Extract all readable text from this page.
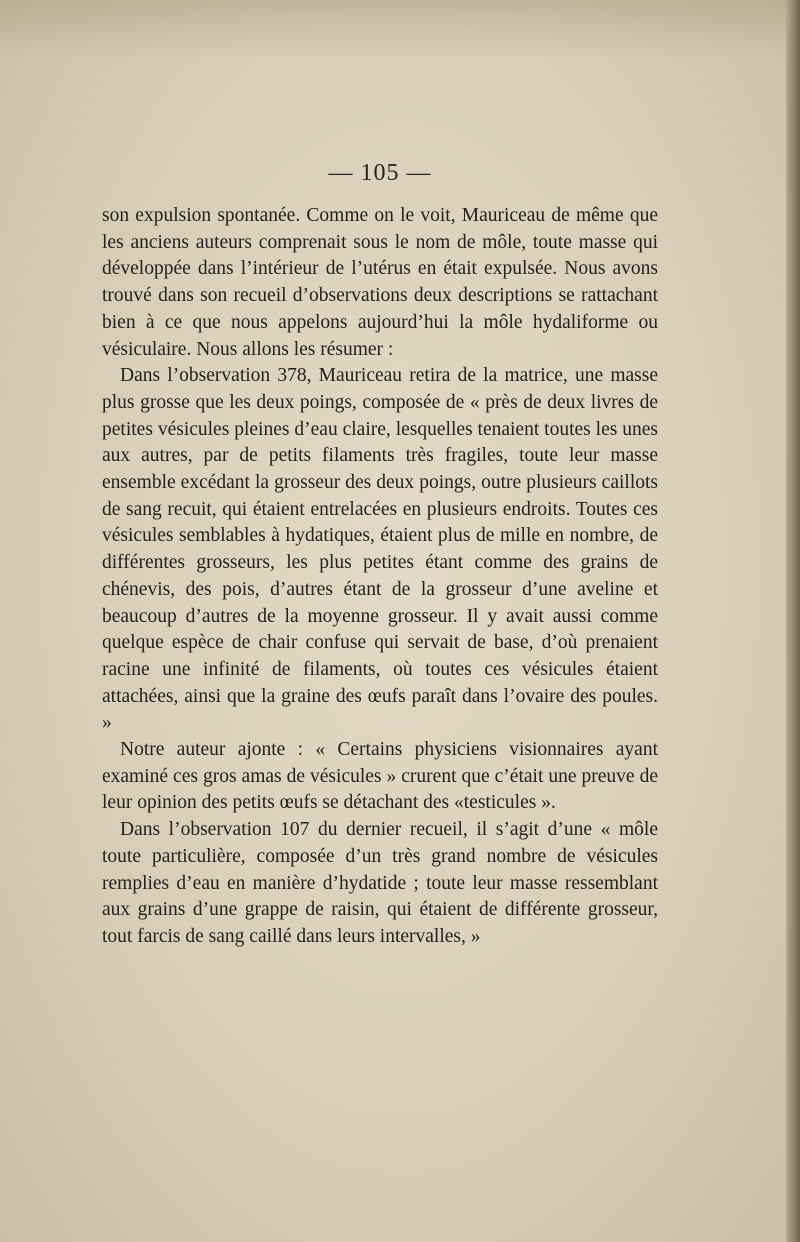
— 105 —

son expulsion spontanée. Comme on le voit, Mauriceau de même que les anciens auteurs comprenait sous le nom de môle, toute masse qui développée dans l’intérieur de l’utérus en était expulsée. Nous avons trouvé dans son recueil d’observations deux descriptions se rattachant bien à ce que nous appelons aujourd’hui la môle hydaliforme ou vésiculaire. Nous allons les résumer :

Dans l’observation 378, Mauriceau retira de la matrice, une masse plus grosse que les deux poings, composée de « près de deux livres de petites vésicules pleines d’eau claire, lesquelles tenaient toutes les unes aux autres, par de petits filaments très fragiles, toute leur masse ensemble excédant la grosseur des deux poings, outre plusieurs caillots de sang recuit, qui étaient entrelacées en plusieurs endroits. Toutes ces vésicules semblables à hydatiques, étaient plus de mille en nombre, de différentes grosseurs, les plus petites étant comme des grains de chénevis, des pois, d’autres étant de la grosseur d’une aveline et beaucoup d’autres de la moyenne grosseur. Il y avait aussi comme quelque espèce de chair confuse qui servait de base, d’où prenaient racine une infinité de filaments, où toutes ces vésicules étaient attachées, ainsi que la graine des œufs paraît dans l’ovaire des poules. »

Notre auteur ajonte : « Certains physiciens visionnaires ayant examiné ces gros amas de vésicules » crurent que c’était une preuve de leur opinion des petits œufs se détachant des «testicules ».

Dans l’observation 107 du dernier recueil, il s’agit d’une « môle toute particulière, composée d’un très grand nombre de vésicules remplies d’eau en manière d’hydatide ; toute leur masse ressemblant aux grains d’une grappe de raisin, qui étaient de différente grosseur, tout farcis de sang caillé dans leurs intervalles, »
